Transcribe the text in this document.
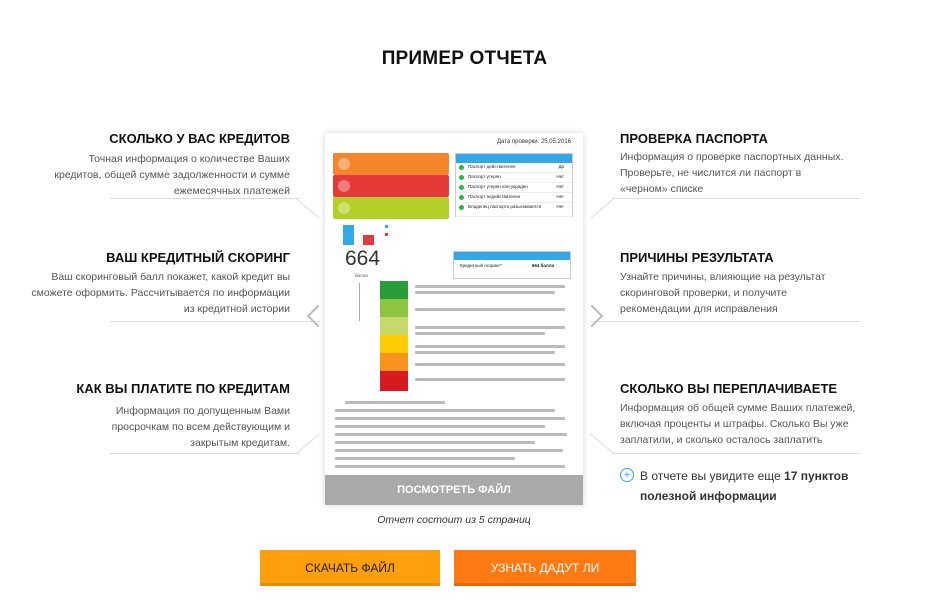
ПРИМЕР ОТЧЕТА
СКОЛЬКО У ВАС КРЕДИТОВ
Точная информация о количестве Ваших кредитов, общей сумме задолженности и сумме ежемесячных платежей
ВАШ КРЕДИТНЫЙ СКОРИНГ
Ваш скоринговый балл покажет, какой кредит вы сможете оформить. Рассчитывается по информации из кредитной истории
КАК ВЫ ПЛАТИТЕ ПО КРЕДИТАМ
Информация по допущенным Вами просрочкам по всем действующим и закрытым кредитам.
ПРОВЕРКА ПАСПОРТА
Информация о проверке паспортных данных. Проверьте, не числится ли паспорт в «черном» списке
ПРИЧИНЫ РЕЗУЛЬТАТА
Узнайте причины, влияющие на результат скоринговой проверки, и получите рекомендации для исправления
СКОЛЬКО ВЫ ПЕРЕПЛАЧИВАЕТЕ
Информация об общей сумме Ваших платежей, включая проценты и штрафы. Сколько Вы уже заплатили, и сколько осталось заплатить
Дата проверки: 25.05.2016
Паспорт действителен	Да
Паспорт утерян	Нет
Паспорт утерян или украден	Нет
Паспорт недействителен	Нет
Владелец паспорта разыскивается	Нет
664
балла
Кредитный скоринг*	664 балла
ПОСМОТРЕТЬ ФАЙЛ
Отчет состоит из 5 страниц
+ В отчете вы увидите еще 17 пунктов
полезной информации
СКАЧАТЬ ФАЙЛ	УЗНАТЬ ДАДУТ ЛИ
